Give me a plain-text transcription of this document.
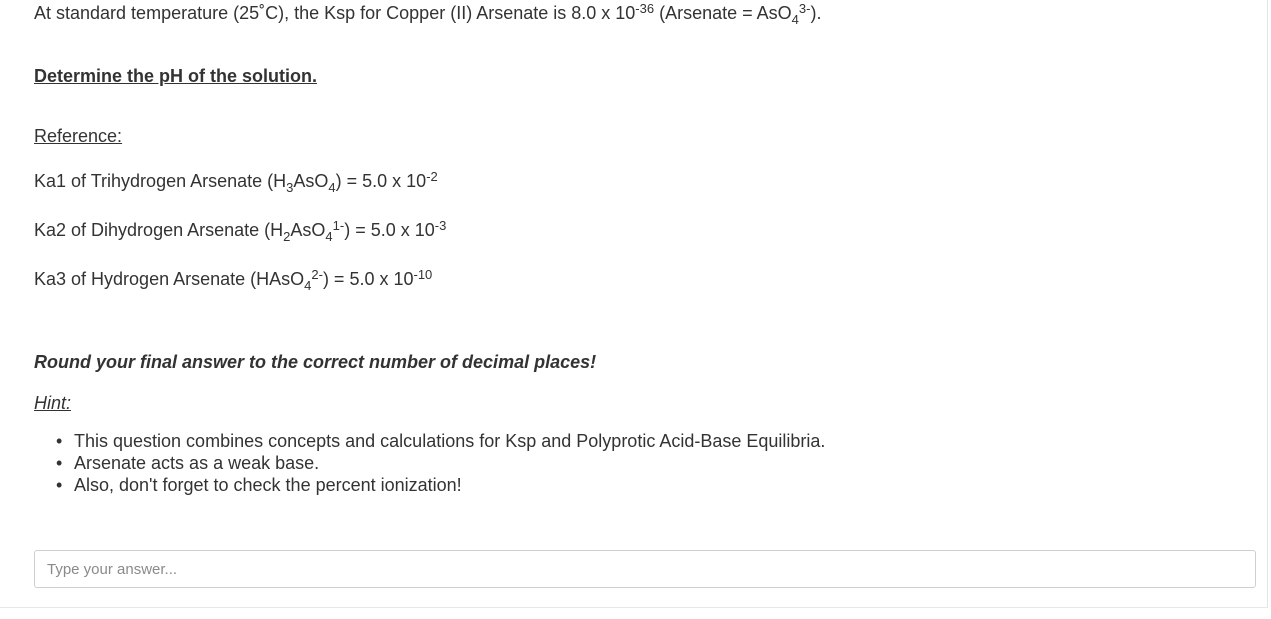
At standard temperature (25˚C), the Ksp for Copper (II) Arsenate is 8.0 x $10^{-36}$ (Arsenate = AsO$_4^{3-}$).
Determine the pH of the solution.
Reference:
Ka1 of Trihydrogen Arsenate $(H_3AsO_4) = 5.0$ x $10^{-2}$
Ka2 of Dihydrogen Arsenate $(H_2AsO_4^{1-}) = 5.0$ x $10^{-3}$
Ka3 of Hydrogen Arsenate (HAsO$_4^{2-}$) = 5.0 x $10^{-10}$
Round your final answer to the correct number of decimal places!
Hint:
• This question combines concepts and calculations for Ksp and Polyprotic Acid-Base Equilibria.
• Arsenate acts as a weak base.
• Also, don't forget to check the percent ionization!
Type your answer...
